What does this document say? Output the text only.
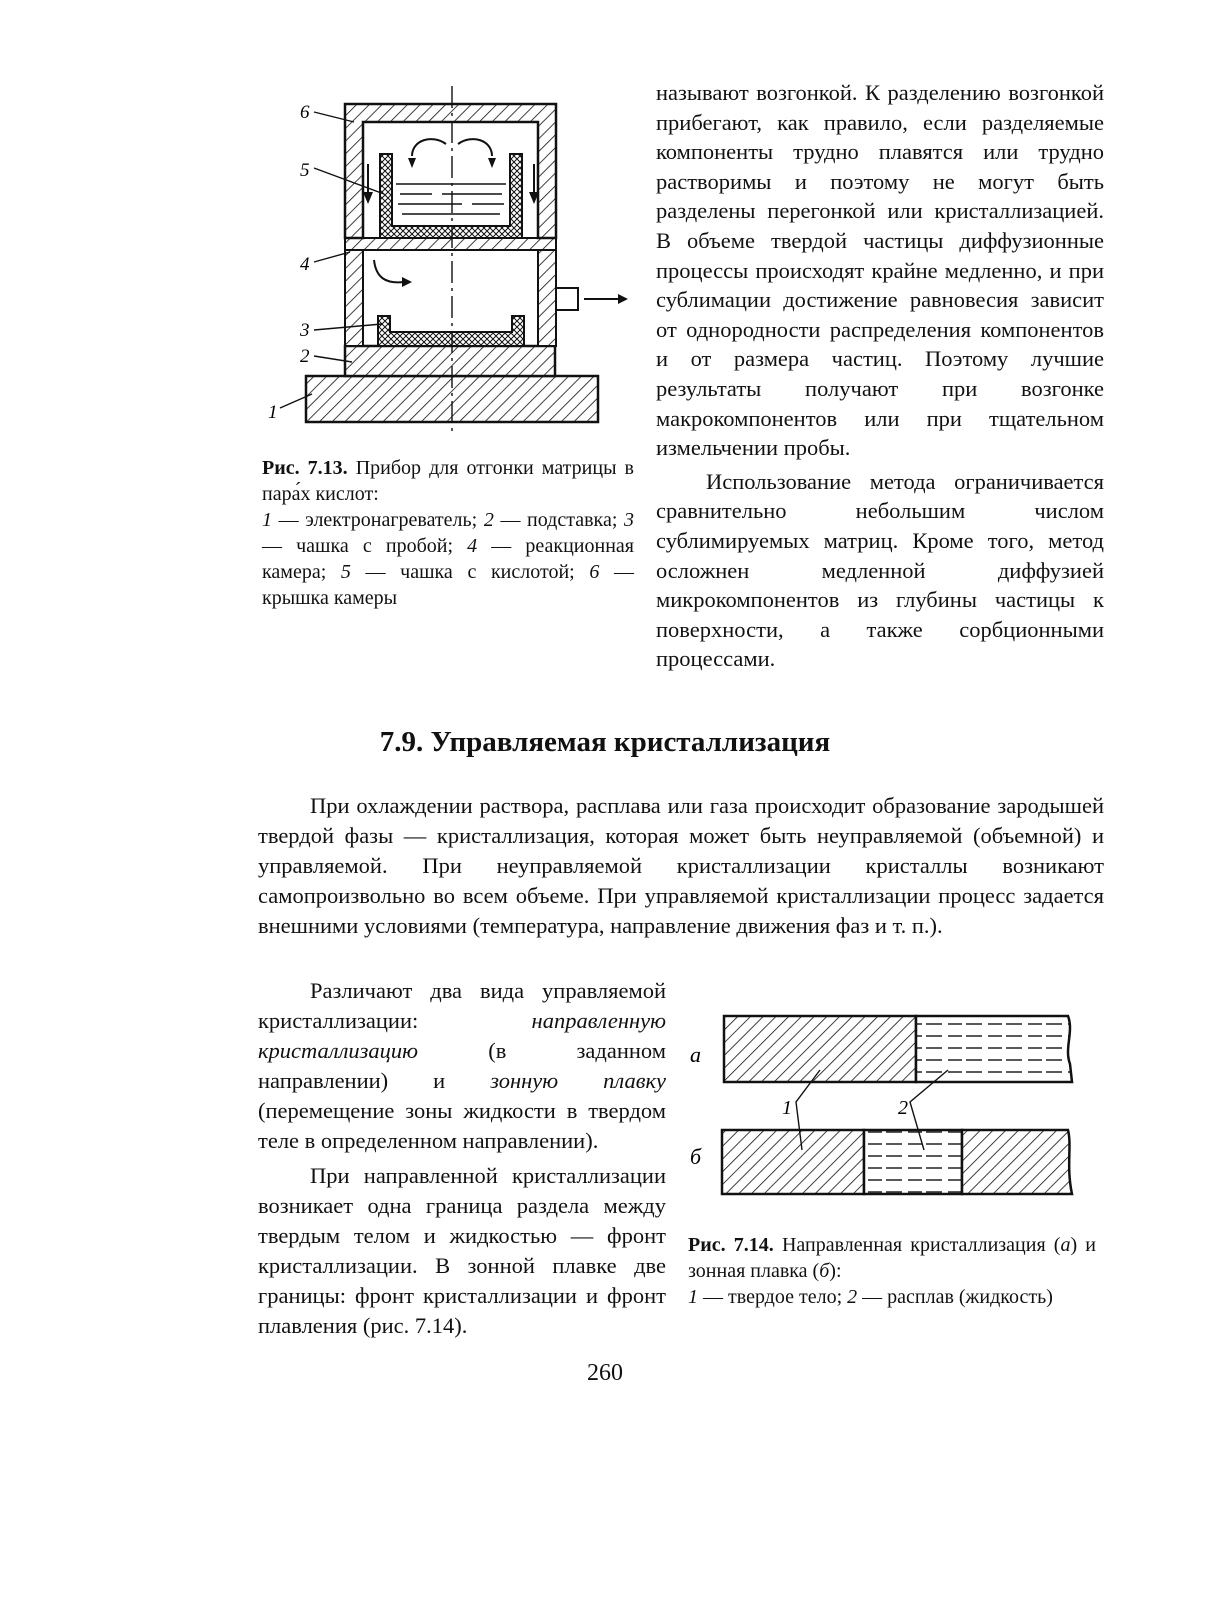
6
5
4
3
2
1

Рис. 7.13. Прибор для отгонки матрицы в пара́х кислот:

1 — электронагреватель; 2 — подставка; 3 — чашка с пробой; 4 — реакционная камера; 5 — чашка с кислотой; 6 — крышка камеры

называют возгонкой. К разделению возгонкой прибегают, как правило, если разделяемые компоненты трудно плавятся или трудно растворимы и поэтому не могут быть разделены перегонкой или кристаллизацией. В объеме твердой частицы диффузионные процессы происходят крайне медленно, и при сублимации достижение равновесия зависит от однородности распределения компонентов и от размера частиц. Поэтому лучшие результаты получают при возгонке макрокомпонентов или при тщательном измельчении пробы.

Использование метода ограничивается сравнительно небольшим числом сублимируемых матриц. Кроме того, метод осложнен медленной диффузией микрокомпонентов из глубины частицы к поверхности, а также сорбционными процессами.

7.9. Управляемая кристаллизация

При охлаждении раствора, расплава или газа происходит образование зародышей твердой фазы — кристаллизация, которая может быть неуправляемой (объемной) и управляемой. При неуправляемой кристаллизации кристаллы возникают самопроизвольно во всем объеме. При управляемой кристаллизации процесс задается внешними условиями (температура, направление движения фаз и т. п.).

Различают два вида управляемой кристаллизации: направленную кристаллизацию (в заданном направлении) и зонную плавку (перемещение зоны жидкости в твердом теле в определенном направлении).

При направленной кристаллизации возникает одна граница раздела между твердым телом и жидкостью — фронт кристаллизации. В зонной плавке две границы: фронт кристаллизации и фронт плавления (рис. 7.14).

а
б
1	2

Рис. 7.14. Направленная кристаллизация (а) и зонная плавка (б):

1 — твердое тело; 2 — расплав (жидкость)

260
